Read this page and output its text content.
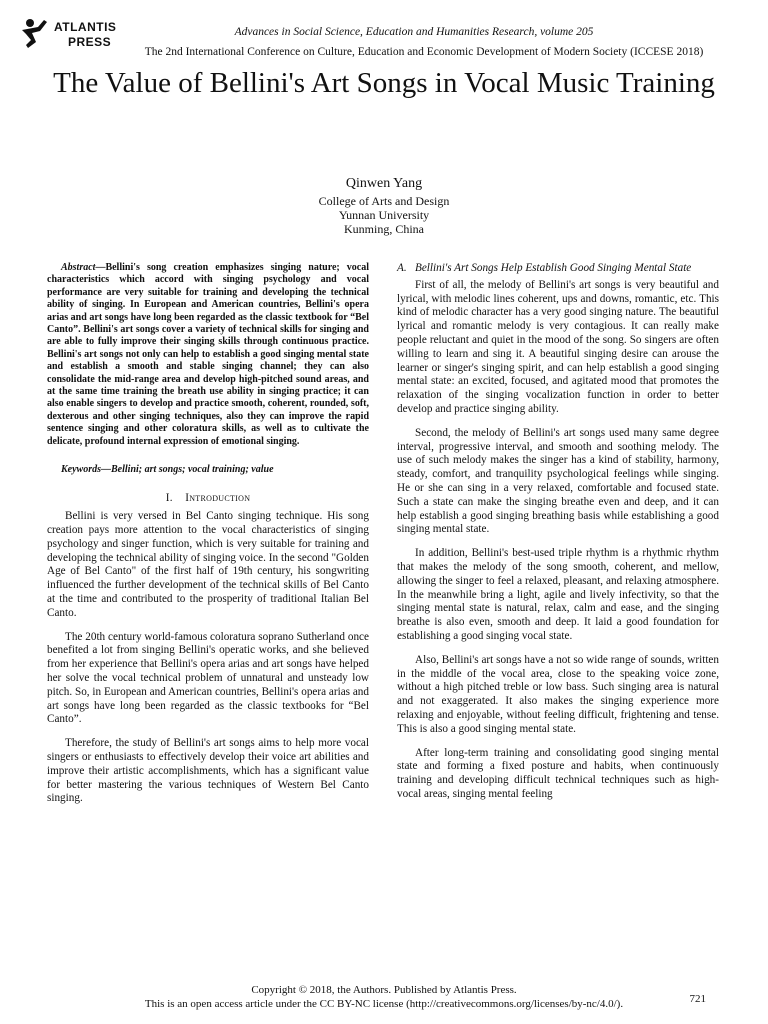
ATLANTIS
PRESS
Advances in Social Science, Education and Humanities Research, volume 205
The 2nd International Conference on Culture, Education and Economic Development of Modern Society (ICCESE 2018)
The Value of Bellini's Art Songs in Vocal Music Training
Qinwen Yang
College of Arts and Design
Yunnan University
Kunming, China

Abstract—Bellini's song creation emphasizes singing nature; vocal characteristics which accord with singing psychology and vocal performance are very suitable for training and developing the technical ability of singing. In European and American countries, Bellini's opera arias and art songs have long been regarded as the classic textbook for “Bel Canto”. Bellini's art songs cover a variety of technical skills for singing and are able to fully improve their singing skills through continuous practice. Bellini's art songs not only can help to establish a good singing mental state and establish a smooth and stable singing channel; they can also consolidate the mid-range area and develop high-pitched sound areas, and at the same time training the breath use ability in singing practice; it can also enable singers to develop and practice smooth, coherent, rounded, soft, dexterous and other singing techniques, also they can improve the rapid sentence singing and other coloratura skills, as well as to cultivate the delicate, profound internal expression of emotional singing.

Keywords—Bellini; art songs; vocal training; value

I. Introduction

Bellini is very versed in Bel Canto singing technique. His song creation pays more attention to the vocal characteristics of singing psychology and singer function, which is very suitable for training and developing the technical ability of singing voice. In the second "Golden Age of Bel Canto" of the first half of 19th century, his songwriting influenced the further development of the technical skills of Bel Canto at the time and contributed to the prosperity of traditional Italian Bel Canto.

The 20th century world-famous coloratura soprano Sutherland once benefited a lot from singing Bellini's operatic works, and she believed from her experience that Bellini's opera arias and art songs have helped her solve the vocal technical problem of unnatural and unsteady low pitch. So, in European and American countries, Bellini's opera arias and art songs have long been regarded as the classic textbooks for “Bel Canto”.

Therefore, the study of Bellini's art songs aims to help more vocal singers or enthusiasts to effectively develop their voice art abilities and improve their artistic accomplishments, which has a significant value for better mastering the various techniques of Western Bel Canto singing.

A. Bellini's Art Songs Help Establish Good Singing Mental State

First of all, the melody of Bellini's art songs is very beautiful and lyrical, with melodic lines coherent, ups and downs, romantic, etc. This kind of melodic character has a very good singing nature. The beautiful lyrical and romantic melody is very contagious. It can really make people reluctant and quiet in the mood of the song. So singers are often willing to learn and sing it. A beautiful singing desire can arouse the learner or singer's singing spirit, and can help establish a good singing mental state: an excited, focused, and agitated mood that promotes the relaxation of the singing vocalization function in order to better develop and practice singing ability.

Second, the melody of Bellini's art songs used many same degree interval, progressive interval, and smooth and soothing melody. The use of such melody makes the singer has a kind of stability, harmony, steady, comfort, and tranquility psychological feelings while singing. He or she can sing in a very relaxed, comfortable and focused state. Such a state can make the singing breathe even and deep, and it can help establish a good singing breathing basis while establishing a good singing mental state.

In addition, Bellini's best-used triple rhythm is a rhythmic rhythm that makes the melody of the song smooth, coherent, and mellow, allowing the singer to feel a relaxed, pleasant, and relaxing atmosphere. In the meanwhile bring a light, agile and lively infectivity, so that the singing mental state is natural, relax, calm and ease, and the singing breathe is also even, smooth and deep. It laid a good foundation for establishing a good singing vocal state.

Also, Bellini's art songs have a not so wide range of sounds, written in the middle of the vocal area, close to the speaking voice zone, without a high pitched treble or low bass. Such singing area is natural and not exaggerated. It also makes the singing experience more relaxing and enjoyable, without feeling difficult, frightening and tense. This is also a good singing mental state.

After long-term training and consolidating good singing mental state and forming a fixed posture and habits, when continuously training and developing difficult technical techniques such as high-vocal areas, singing mental feeling

Copyright © 2018, the Authors. Published by Atlantis Press.
This is an open access article under the CC BY-NC license (http://creativecommons.org/licenses/by-nc/4.0/).	721
